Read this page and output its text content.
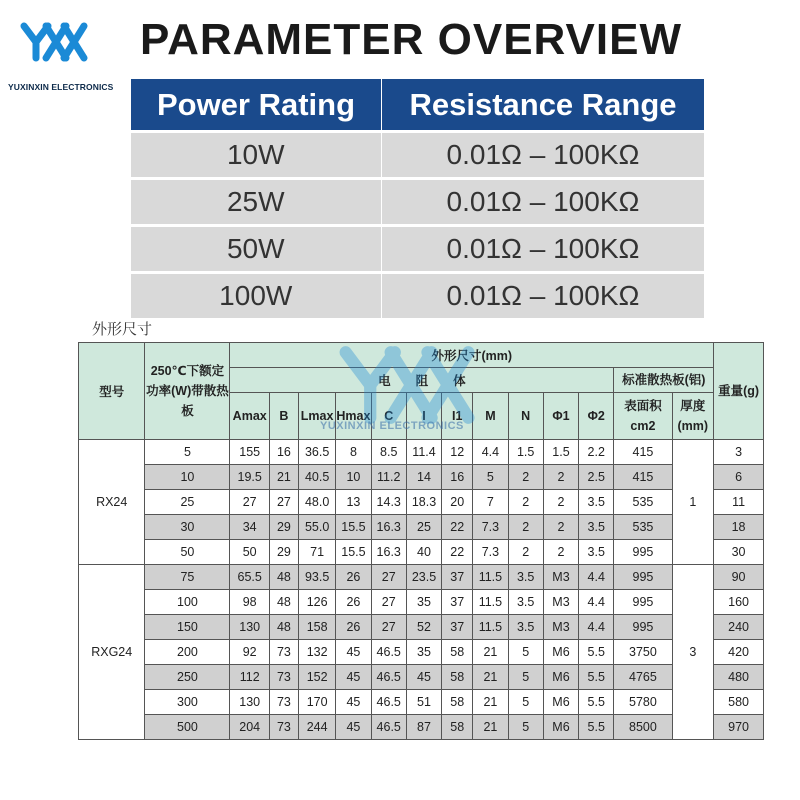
YUXINXIN ELECTRONICS
PARAMETER OVERVIEW
Power Rating	Resistance Range
10W	0.01Ω – 100KΩ
25W	0.01Ω – 100KΩ
50W	0.01Ω – 100KΩ
100W	0.01Ω – 100KΩ
外形尺寸
型号	250℃下额定功率(W)带散热板	外形尺寸(mm)													重量(g)
		电　　阻　　体											标准散热板(铝)		

		Amax	B	Lmax	Hmax	C	I	I1	M	N	Φ1	Φ2	表面积cm2	厚度(mm)	
RX24	5	155	16	36.5	8	8.5	11.4	12	4.4	1.5	1.5	2.2	415	1	3
	10	19.5	21	40.5	10	11.2	14	16	5	2	2	2.5	415		6
	25	27	27	48.0	13	14.3	18.3	20	7	2	2	3.5	535		11
	30	34	29	55.0	15.5	16.3	25	22	7.3	2	2	3.5	535		18
	50	50	29	71	15.5	16.3	40	22	7.3	2	2	3.5	995		30
RXG24	75	65.5	48	93.5	26	27	23.5	37	11.5	3.5	M3	4.4	995	3	90
	100	98	48	126	26	27	35	37	11.5	3.5	M3	4.4	995		160
	150	130	48	158	26	27	52	37	11.5	3.5	M3	4.4	995		240
	200	92	73	132	45	46.5	35	58	21	5	M6	5.5	3750		420
	250	112	73	152	45	46.5	45	58	21	5	M6	5.5	4765		480
	300	130	73	170	45	46.5	51	58	21	5	M6	5.5	5780		580
	500	204	73	244	45	46.5	87	58	21	5	M6	5.5	8500		970
YUXINXIN ELECTRONICS
